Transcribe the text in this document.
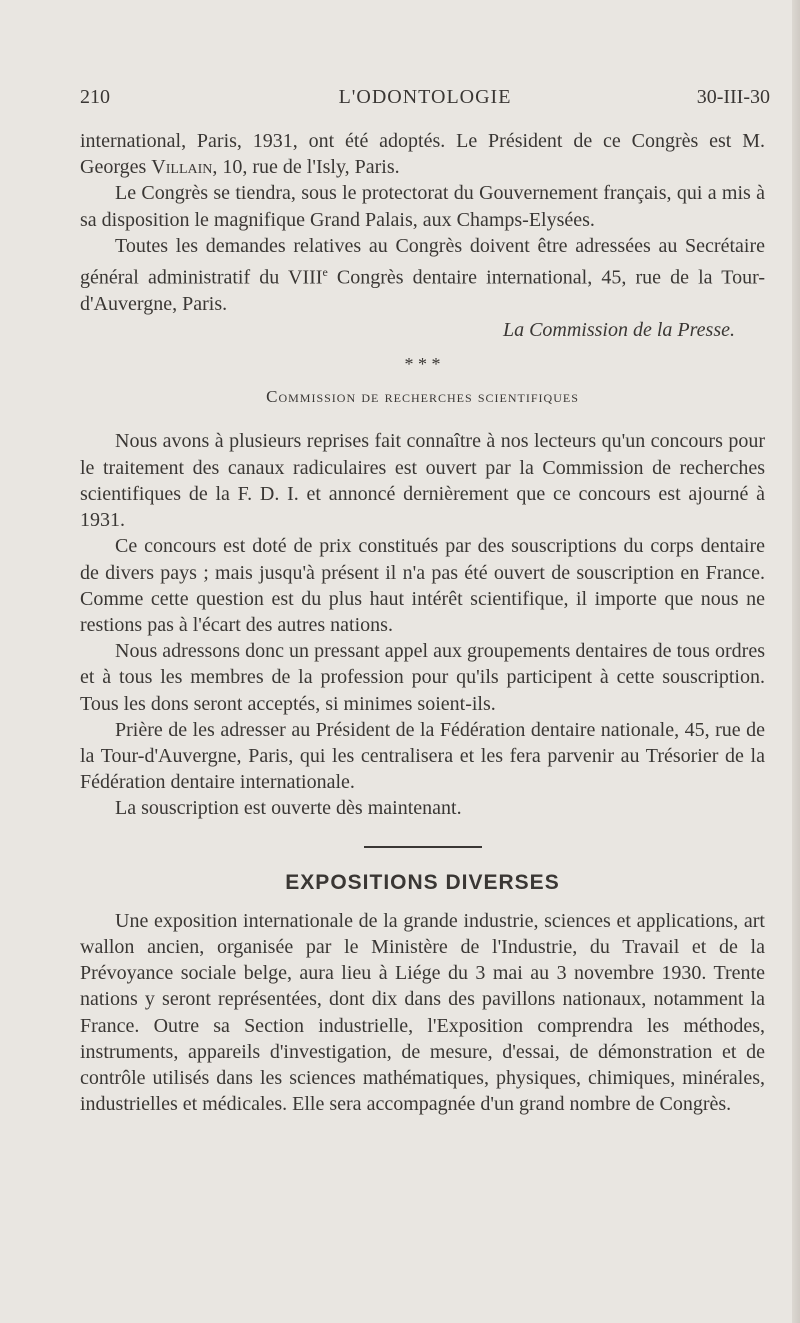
210	L'ODONTOLOGIE	30-III-30

international, Paris, 1931, ont été adoptés. Le Président de ce Congrès est M. Georges Villain, 10, rue de l'Isly, Paris.

Le Congrès se tiendra, sous le protectorat du Gouvernement français, qui a mis à sa disposition le magnifique Grand Palais, aux Champs-Elysées.

Toutes les demandes relatives au Congrès doivent être adressées au Secrétaire général administratif du VIIIe Congrès dentaire international, 45, rue de la Tour-d'Auvergne, Paris.

La Commission de la Presse.

* * *
Commission de recherches scientifiques

Nous avons à plusieurs reprises fait connaître à nos lecteurs qu'un concours pour le traitement des canaux radiculaires est ouvert par la Commission de recherches scientifiques de la F. D. I. et annoncé dernièrement que ce concours est ajourné à 1931.

Ce concours est doté de prix constitués par des souscriptions du corps dentaire de divers pays ; mais jusqu'à présent il n'a pas été ouvert de souscription en France. Comme cette question est du plus haut intérêt scientifique, il importe que nous ne restions pas à l'écart des autres nations.

Nous adressons donc un pressant appel aux groupements dentaires de tous ordres et à tous les membres de la profession pour qu'ils participent à cette souscription. Tous les dons seront acceptés, si minimes soient-ils.

Prière de les adresser au Président de la Fédération dentaire nationale, 45, rue de la Tour-d'Auvergne, Paris, qui les centralisera et les fera parvenir au Trésorier de la Fédération dentaire internationale.

La souscription est ouverte dès maintenant.

EXPOSITIONS DIVERSES

Une exposition internationale de la grande industrie, sciences et applications, art wallon ancien, organisée par le Ministère de l'Industrie, du Travail et de la Prévoyance sociale belge, aura lieu à Liége du 3 mai au 3 novembre 1930. Trente nations y seront représentées, dont dix dans des pavillons nationaux, notamment la France. Outre sa Section industrielle, l'Exposition comprendra les méthodes, instruments, appareils d'investigation, de mesure, d'essai, de démonstration et de contrôle utilisés dans les sciences mathématiques, physiques, chimiques, minérales, industrielles et médicales. Elle sera accompagnée d'un grand nombre de Congrès.
